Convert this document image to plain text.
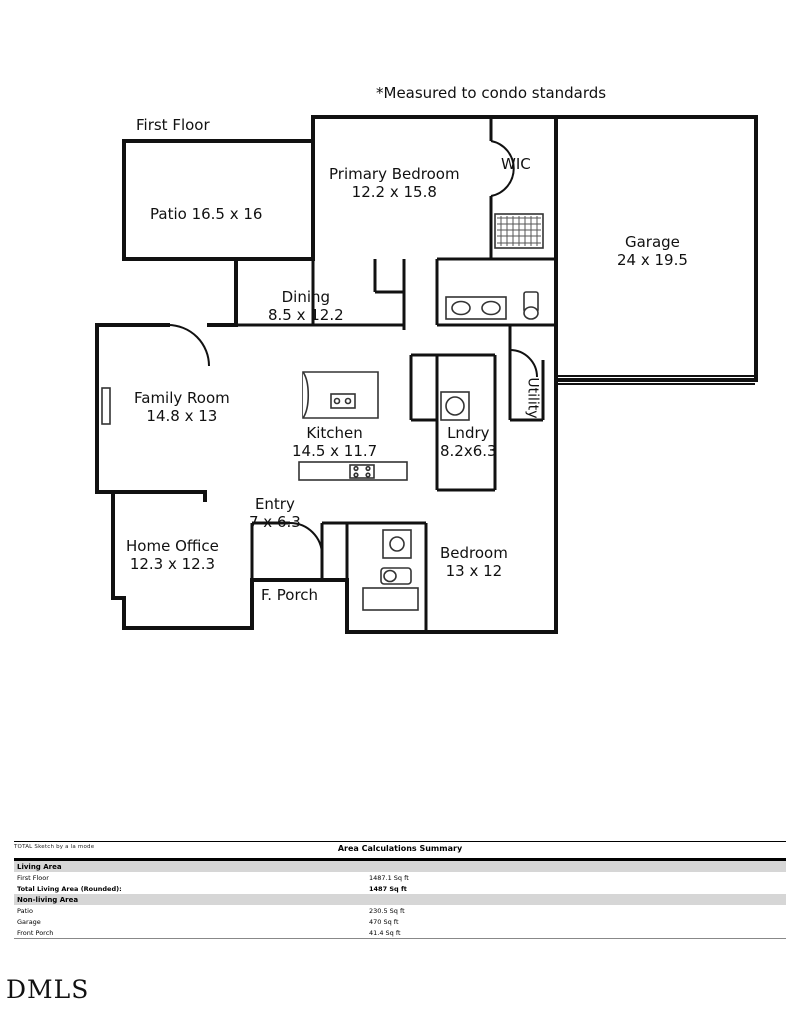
*Measured to condo standards
First Floor
Patio 16.5 x 16
Primary Bedroom
12.2 x 15.8
WIC
Garage
24 x 19.5
Dining
8.5 x 12.2
Family Room
14.8 x 13
Kitchen
14.5 x 11.7
Lndry
8.2x6.3
Utility
Entry
7 x 6.3
Home Office
12.3 x 12.3
Bedroom
13 x 12
F. Porch
TOTAL Sketch by a la mode	Area Calculations Summary
Living Area
First Floor	1487.1 Sq ft
Total Living Area (Rounded):	1487 Sq ft
Non-living Area
Patio	230.5 Sq ft
Garage	470 Sq ft
Front Porch	41.4 Sq ft
DMLS
